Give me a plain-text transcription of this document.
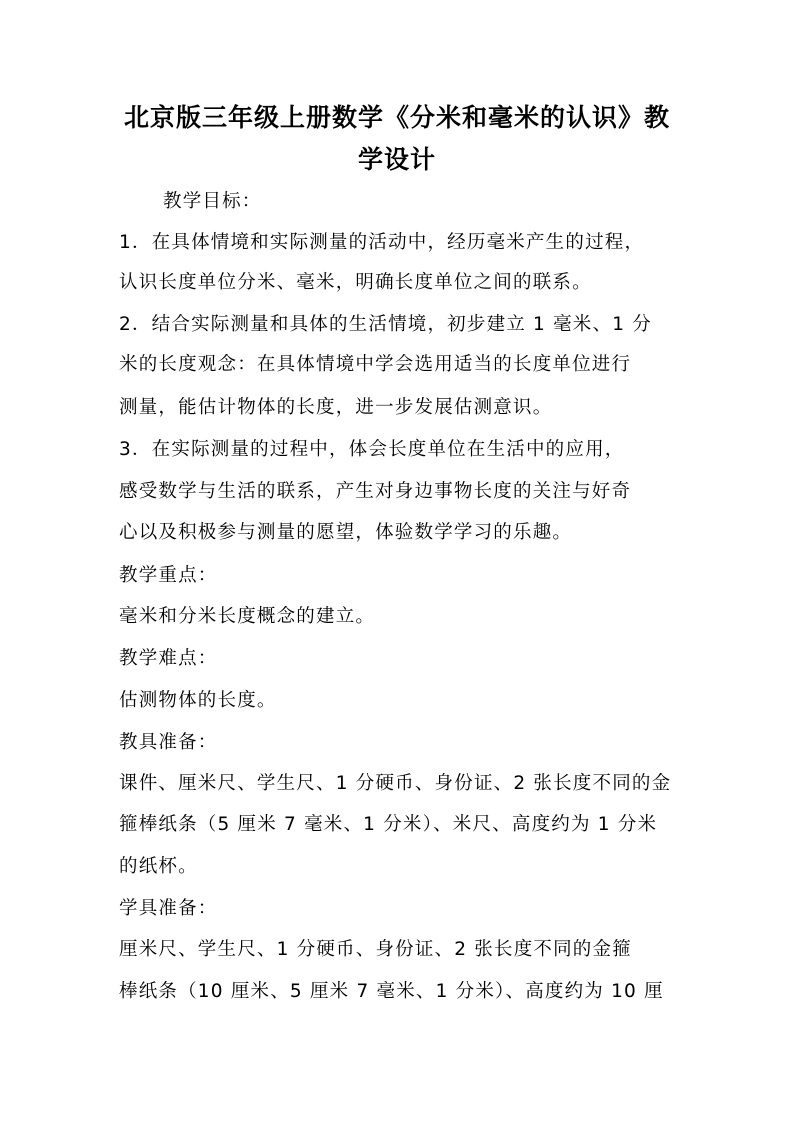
北京版三年级上册数学《分米和毫米的认识》教
学设计

教学目标：

1．在具体情境和实际测量的活动中，经历毫米产生的过程，

认识长度单位分米、毫米，明确长度单位之间的联系。

2．结合实际测量和具体的生活情境，初步建立 1 毫米、1 分

米的长度观念：在具体情境中学会选用适当的长度单位进行

测量，能估计物体的长度，进一步发展估测意识。

3．在实际测量的过程中，体会长度单位在生活中的应用，

感受数学与生活的联系，产生对身边事物长度的关注与好奇

心以及积极参与测量的愿望，体验数学学习的乐趣。

教学重点：

毫米和分米长度概念的建立。

教学难点：

估测物体的长度。

教具准备：

课件、厘米尺、学生尺、1 分硬币、身份证、2 张长度不同的金

箍棒纸条（5 厘米 7 毫米、1 分米）、米尺、高度约为 1 分米

的纸杯。

学具准备：

厘米尺、学生尺、1 分硬币、身份证、2 张长度不同的金箍

棒纸条（10 厘米、5 厘米 7 毫米、1 分米）、高度约为 10 厘
